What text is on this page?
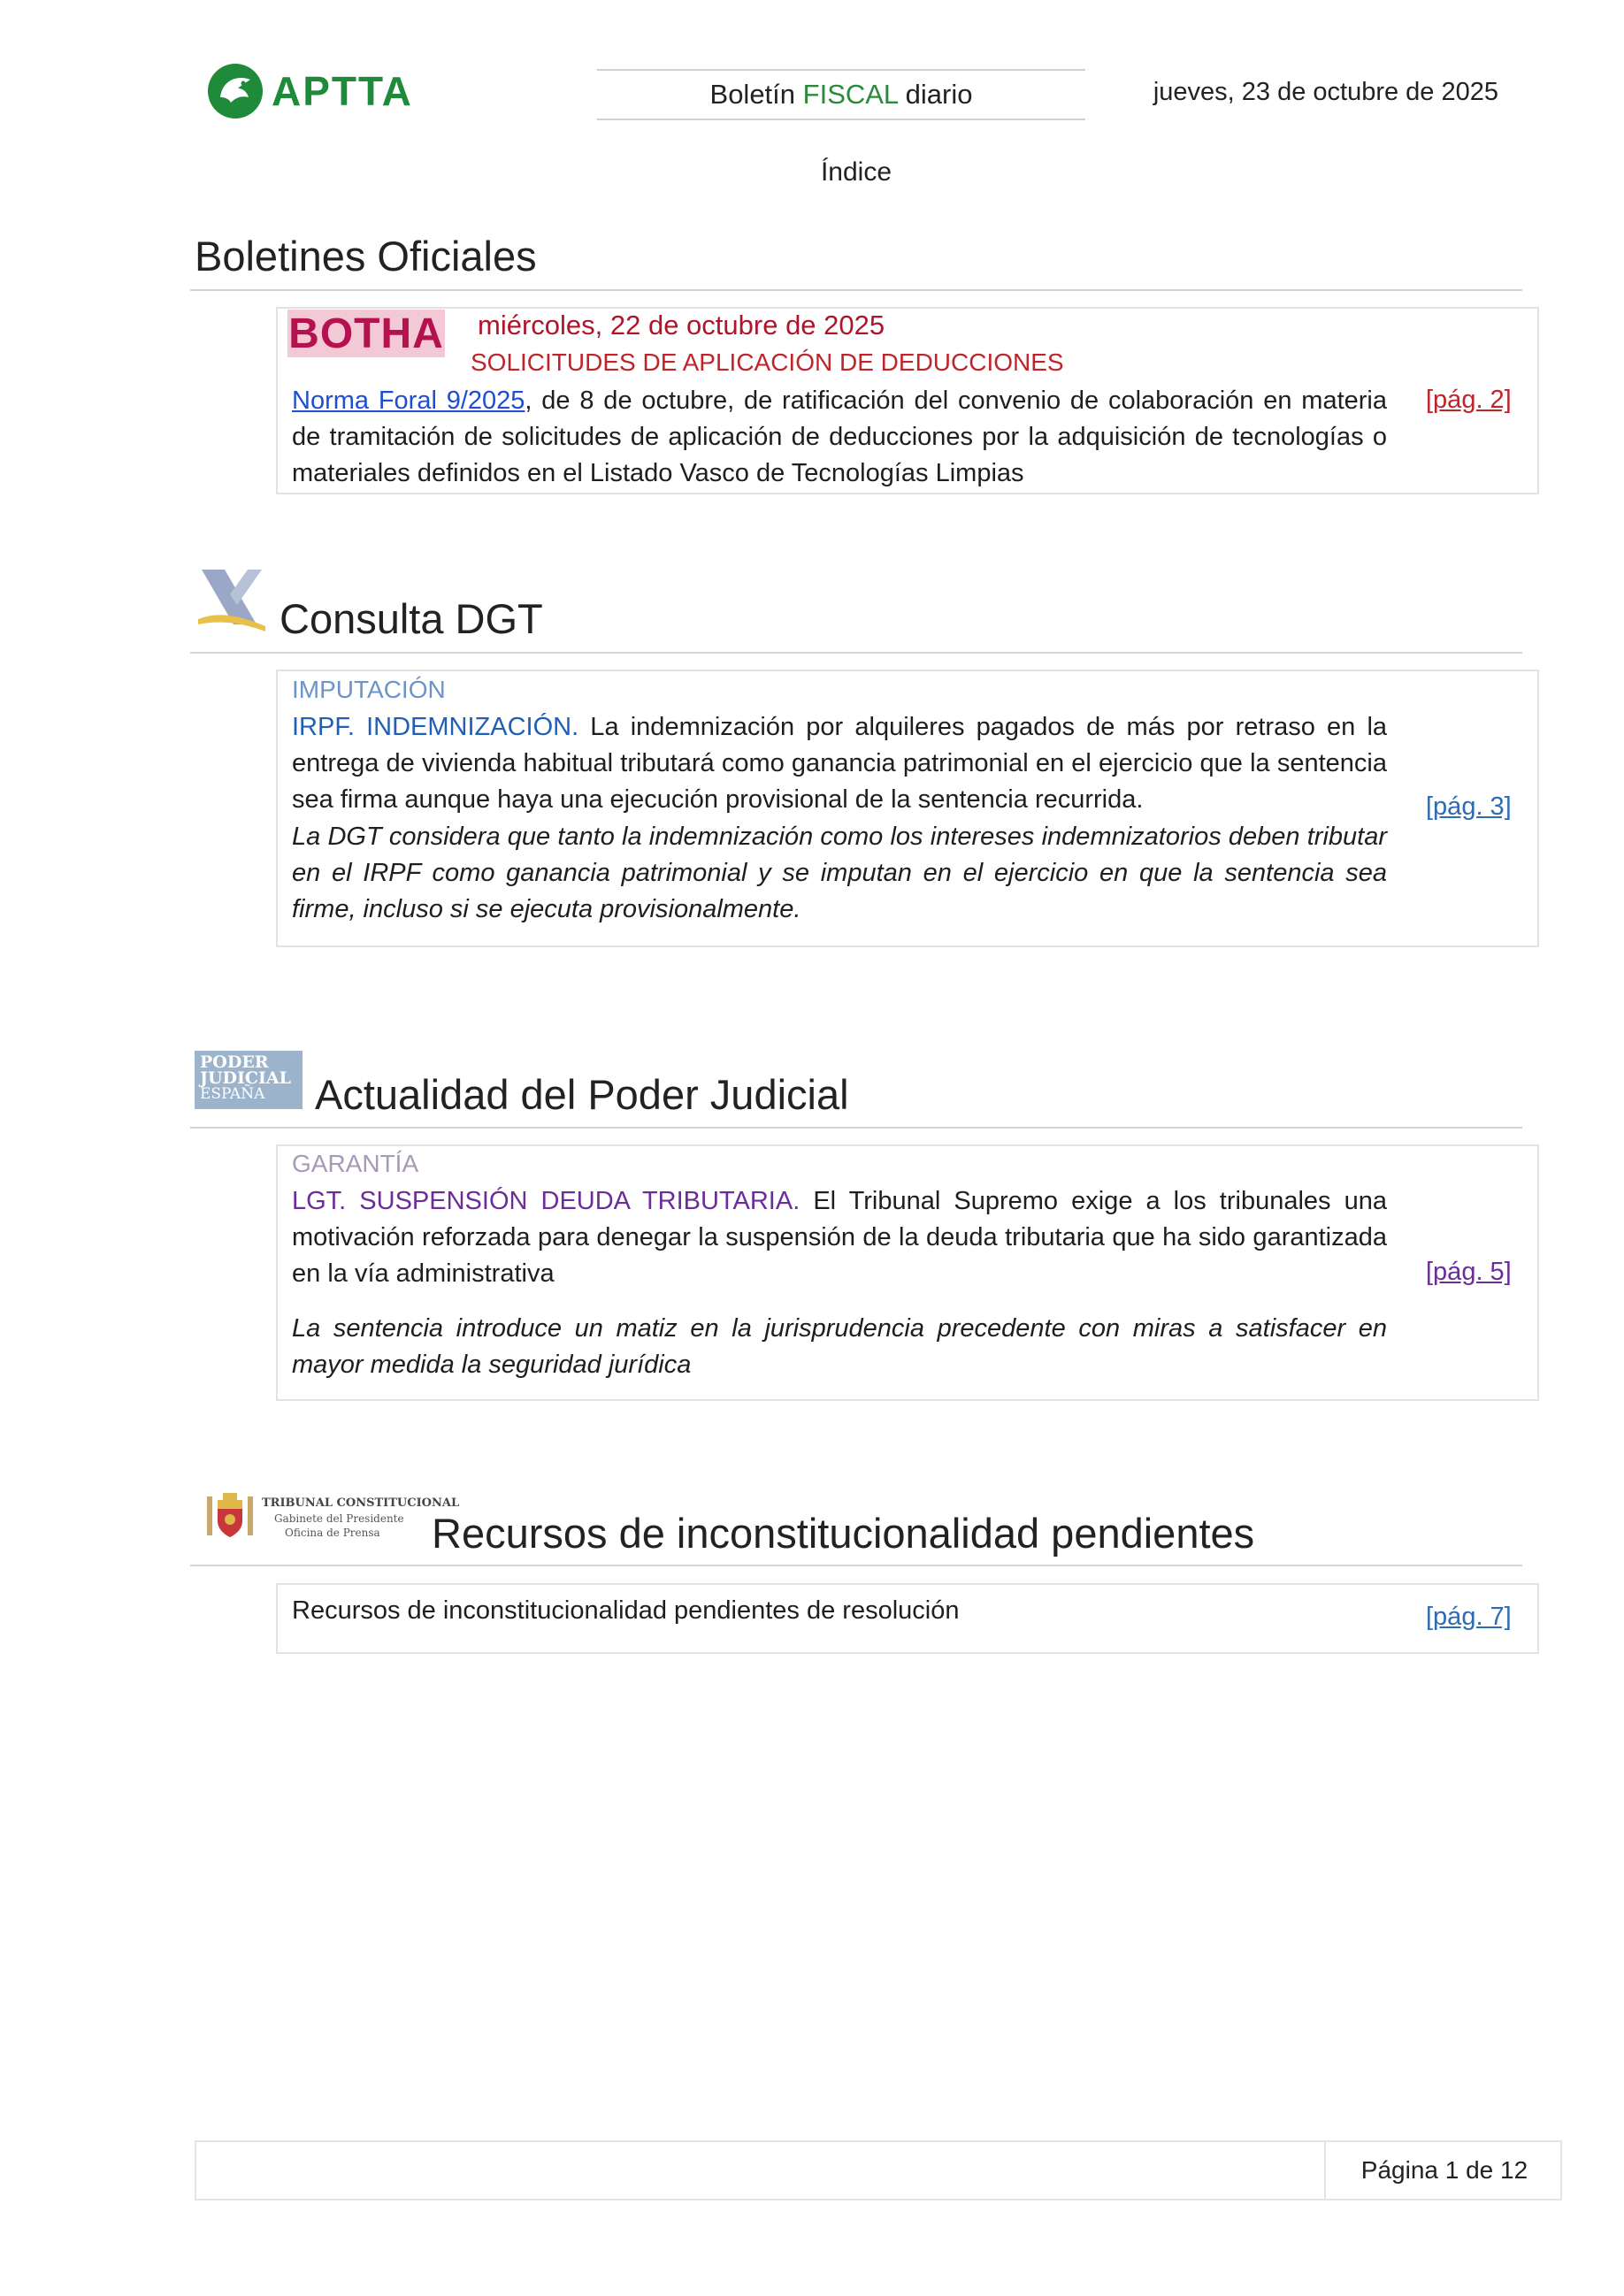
APTTA	Boletín FISCAL diario	jueves, 23 de octubre de 2025
Índice
Boletines Oficiales
BOTHA miércoles, 22 de octubre de 2025
SOLICITUDES DE APLICACIÓN DE DEDUCCIONES
Norma Foral 9/2025, de 8 de octubre, de ratificación del convenio de colaboración en materia de tramitación de solicitudes de aplicación de deducciones por la adquisición de tecnologías o materiales definidos en el Listado Vasco de Tecnologías Limpias
[pág. 2]
Consulta DGT
IMPUTACIÓN
IRPF. INDEMNIZACIÓN. La indemnización por alquileres pagados de más por retraso en la entrega de vivienda habitual tributará como ganancia patrimonial en el ejercicio que la sentencia sea firma aunque haya una ejecución provisional de la sentencia recurrida.
La DGT considera que tanto la indemnización como los intereses indemnizatorios deben tributar en el IRPF como ganancia patrimonial y se imputan en el ejercicio en que la sentencia sea firme, incluso si se ejecuta provisionalmente.
[pág. 3]
PODER
JUDICIAL
ESPAÑA	Actualidad del Poder Judicial
GARANTÍA
LGT. SUSPENSIÓN DEUDA TRIBUTARIA. El Tribunal Supremo exige a los tribunales una motivación reforzada para denegar la suspensión de la deuda tributaria que ha sido garantizada en la vía administrativa
La sentencia introduce un matiz en la jurisprudencia precedente con miras a satisfacer en mayor medida la seguridad jurídica
[pág. 5]
TRIBUNAL CONSTITUCIONAL
Gabinete del Presidente
Oficina de Prensa Recursos de inconstitucionalidad pendientes
Recursos de inconstitucionalidad pendientes de resolución	[pág. 7]
Página 1 de 12
